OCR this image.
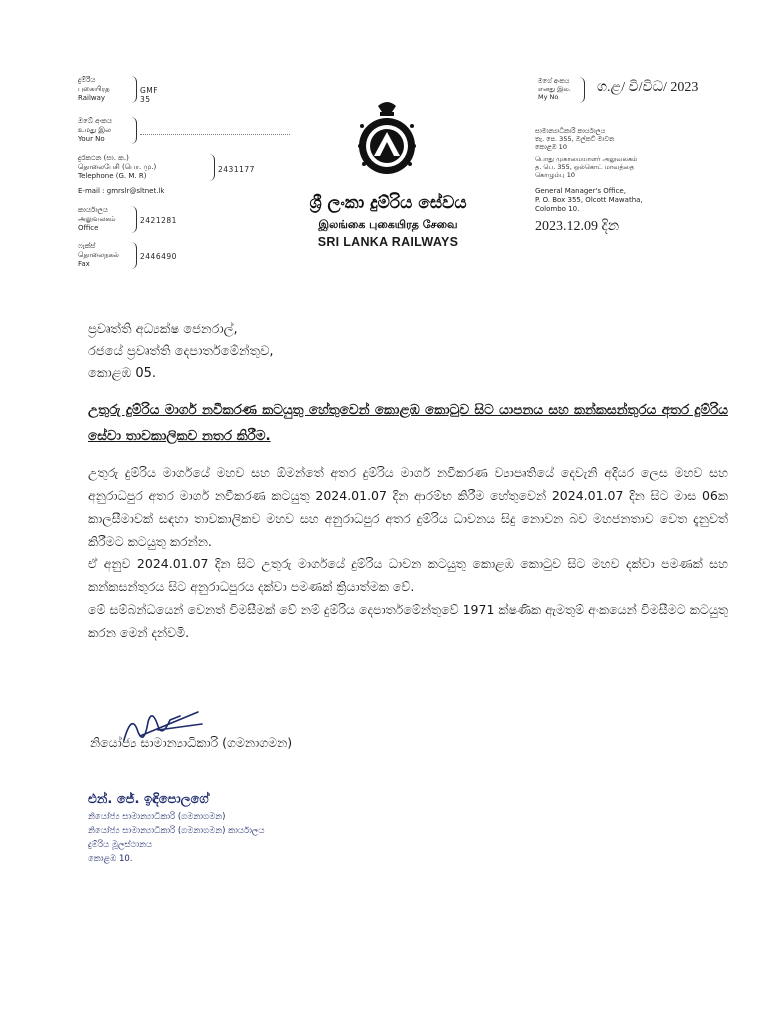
දුම්රිය
புகையிரத
Railway
GMF 35
ඔබේ අංකය
உமது இல
Your No
දුරකථන (සා. ක.)
தொலைபேசி (பொ. மு.)
Telephone (G. M. R)
2431177
E-mail : gmrslr@sltnet.lk
කාර්යාලය
அலுவலகம்
Office
2421281
ෆැක්ස්
தொலைநகல்
Fax
2446490
ශ්‍රී ලංකා දුම්රිය සේවය
இலங்கை புகையிரத சேவை
SRI LANKA RAILWAYS
මගේ අංකය
எனது இல.
My No
ග.ළ/ වි/විධ/ 2023
සාමාන්‍යාධිකාරි කාර්යාලය
තැ. පෙ. 355, ඔල්කට් මාවත
කොළඹ 10
பொது முகாமையாளர் அலுவலகம்
த. பெ. 355, ஒல்கொட் மாவத்தை
கொழும்பு 10
General Manager's Office,
P. O. Box 355, Olcott Mawatha,
Colombo 10.
2023.12.09 දින
ප්‍රවෘත්ති අධ්‍යක්ෂ ජෙනරාල්,
රජයේ ප්‍රවෘත්ති දෙපාර්තමේන්තුව,
කොළඹ 05.
උතුරු දුම්රිය මාර්ග නවීකරණ කටයුතු හේතුවෙන් කොළඹ කොටුව සිට යාපනය සහ කන්කසන්තුරය අතර දුම්රිය සේවා තාවකාලිකව නතර කිරීම.
උතුරු දුම්රිය මාර්ගයේ මහව සහ ඕමන්තේ අතර දුම්රිය මාර්ග නවීකරණ ව්‍යාපෘතියේ දෙවැනි අදියර ලෙස මහව සහ අනුරාධපුර අතර මාර්ග නවීකරණ කටයුතු 2024.01.07 දින ආරම්භ කිරීම හේතුවෙන් 2024.01.07 දින සිට මාස 06ක කාලසීමාවක් සඳහා තාවකාලිකව මහව සහ අනුරාධපුර අතර දුම්රිය ධාවනය සිදු නොවන බව මහජනතාව වෙත දැනුවත් කිරීමට කටයුතු කරන්න.
ඒ අනුව 2024.01.07 දින සිට උතුරු මාර්ගයේ දුම්රිය ධාවන කටයුතු කොළඹ කොටුව සිට මහව දක්වා පමණක් සහ කන්කසන්තුරය සිට අනුරාධපුරය දක්වා පමණක් ක්‍රියාත්මක වේ.
මේ සම්බන්ධයෙන් වෙනත් විමසීමක් වේ නම් දුම්රිය දෙපාර්තමේන්තුවේ 1971 ක්ෂණික ඇමතුම් අංකයෙන් විමසීමට කටයුතු කරන මෙන් දන්වමි.
නියෝජ්‍ය සාමාන්‍යාධිකාරි (ගමනාගමන)
එන්. ජේ. ඉඳිපොලගේ
නියෝජ්‍ය සාමාන්‍යාධිකාරි (ගමනාගමන)
නියෝජ්‍ය සාමාන්‍යාධිකාරි (ගමනාගමන) කාර්යාලය
දුම්රිය මූලස්ථානය
කොළඹ 10.
